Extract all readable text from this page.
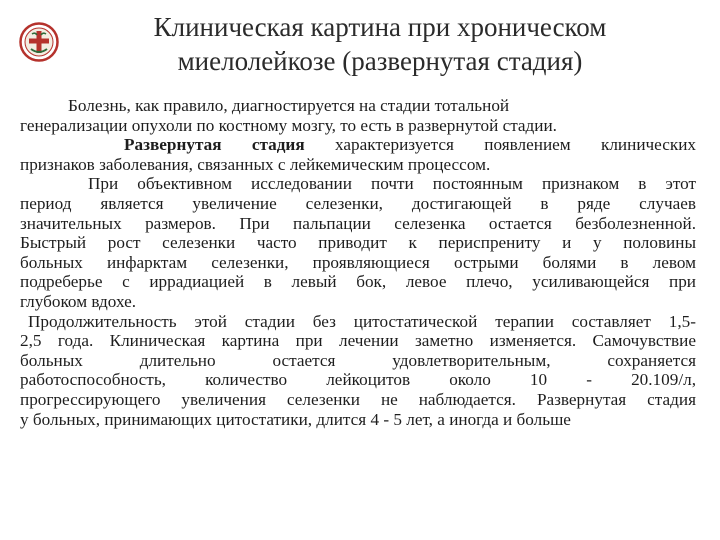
Клиническая картина при хроническом
миелолейкозе (развернутая стадия)
Болезнь, как правило, диагностируется на стадии тотальной
генерализации опухоли по костному мозгу, то есть в развернутой стадии.
Развернутая стадия характеризуется появлением клинических
признаков заболевания, связанных с лейкемическим процессом.
При объективном исследовании почти постоянным признаком в этот
период является увеличение селезенки, достигающей в ряде случаев
значительных размеров. При пальпации селезенка остается безболезненной.
Быстрый рост селезенки часто приводит к периспрениту и у половины
больных инфарктам селезенки, проявляющиеся острыми болями в левом
подреберье с иррадиацией в левый бок, левое плечо, усиливающейся при
глубоком вдохе.
Продолжительность этой стадии без цитостатической терапии составляет 1,5-
2,5 года. Клиническая картина при лечении заметно изменяется. Самочувствие
больных длительно остается удовлетворительным, сохраняется
работоспособность, количество лейкоцитов около 10 - 20.109/л,
прогрессирующего увеличения селезенки не наблюдается. Развернутая стадия
у больных, принимающих цитостатики, длится 4 - 5 лет, а иногда и больше
